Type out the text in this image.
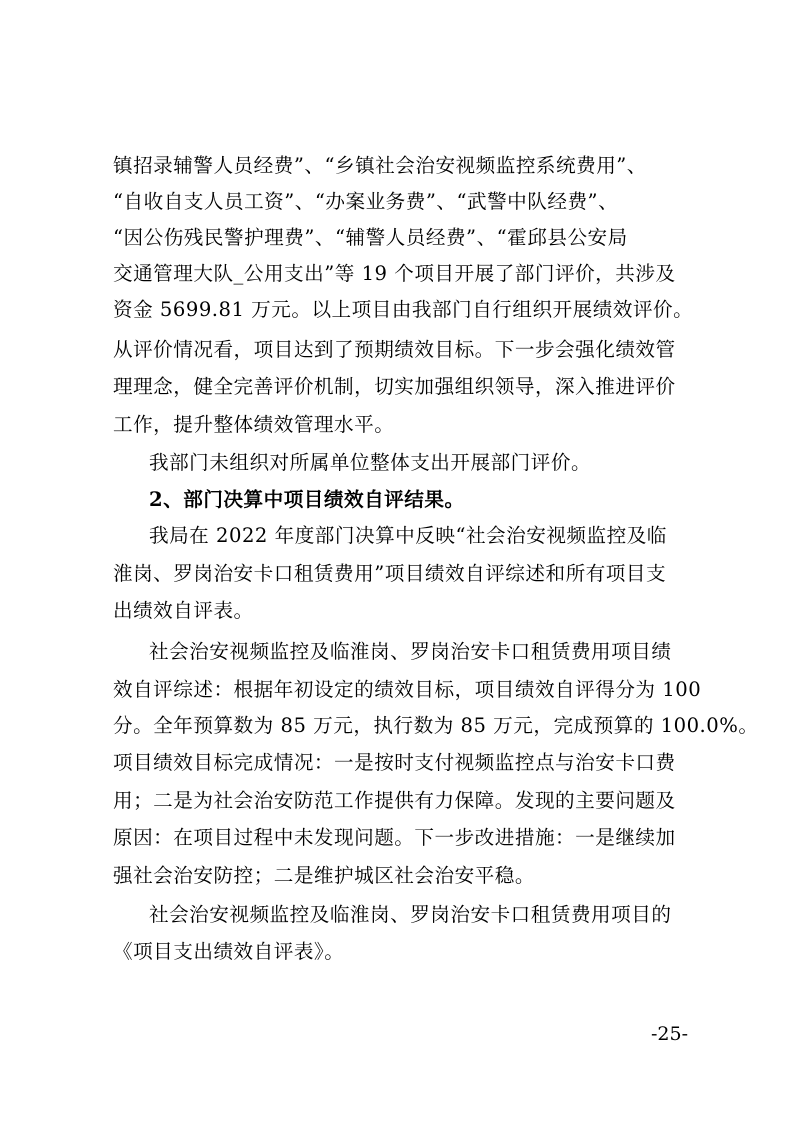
镇招录辅警人员经费”、“乡镇社会治安视频监控系统费用”、
“自收自支人员工资”、“办案业务费”、“武警中队经费”、
“因公伤残民警护理费”、“辅警人员经费”、“霍邱县公安局
交通管理大队_公用支出”等 19 个项目开展了部门评价，共涉及
资金 5699.81 万元。以上项目由我部门自行组织开展绩效评价。
从评价情况看，项目达到了预期绩效目标。下一步会强化绩效管
理理念，健全完善评价机制，切实加强组织领导，深入推进评价
工作，提升整体绩效管理水平。
我部门未组织对所属单位整体支出开展部门评价。
2、部门决算中项目绩效自评结果。
我局在 2022 年度部门决算中反映“社会治安视频监控及临
淮岗、罗岗治安卡口租赁费用”项目绩效自评综述和所有项目支
出绩效自评表。
社会治安视频监控及临淮岗、罗岗治安卡口租赁费用项目绩
效自评综述：根据年初设定的绩效目标，项目绩效自评得分为 100
分。全年预算数为 85 万元，执行数为 85 万元，完成预算的 100.0%。
项目绩效目标完成情况：一是按时支付视频监控点与治安卡口费
用；二是为社会治安防范工作提供有力保障。发现的主要问题及
原因：在项目过程中未发现问题。下一步改进措施：一是继续加
强社会治安防控；二是维护城区社会治安平稳。
社会治安视频监控及临淮岗、罗岗治安卡口租赁费用项目的
《项目支出绩效自评表》。
-25-
